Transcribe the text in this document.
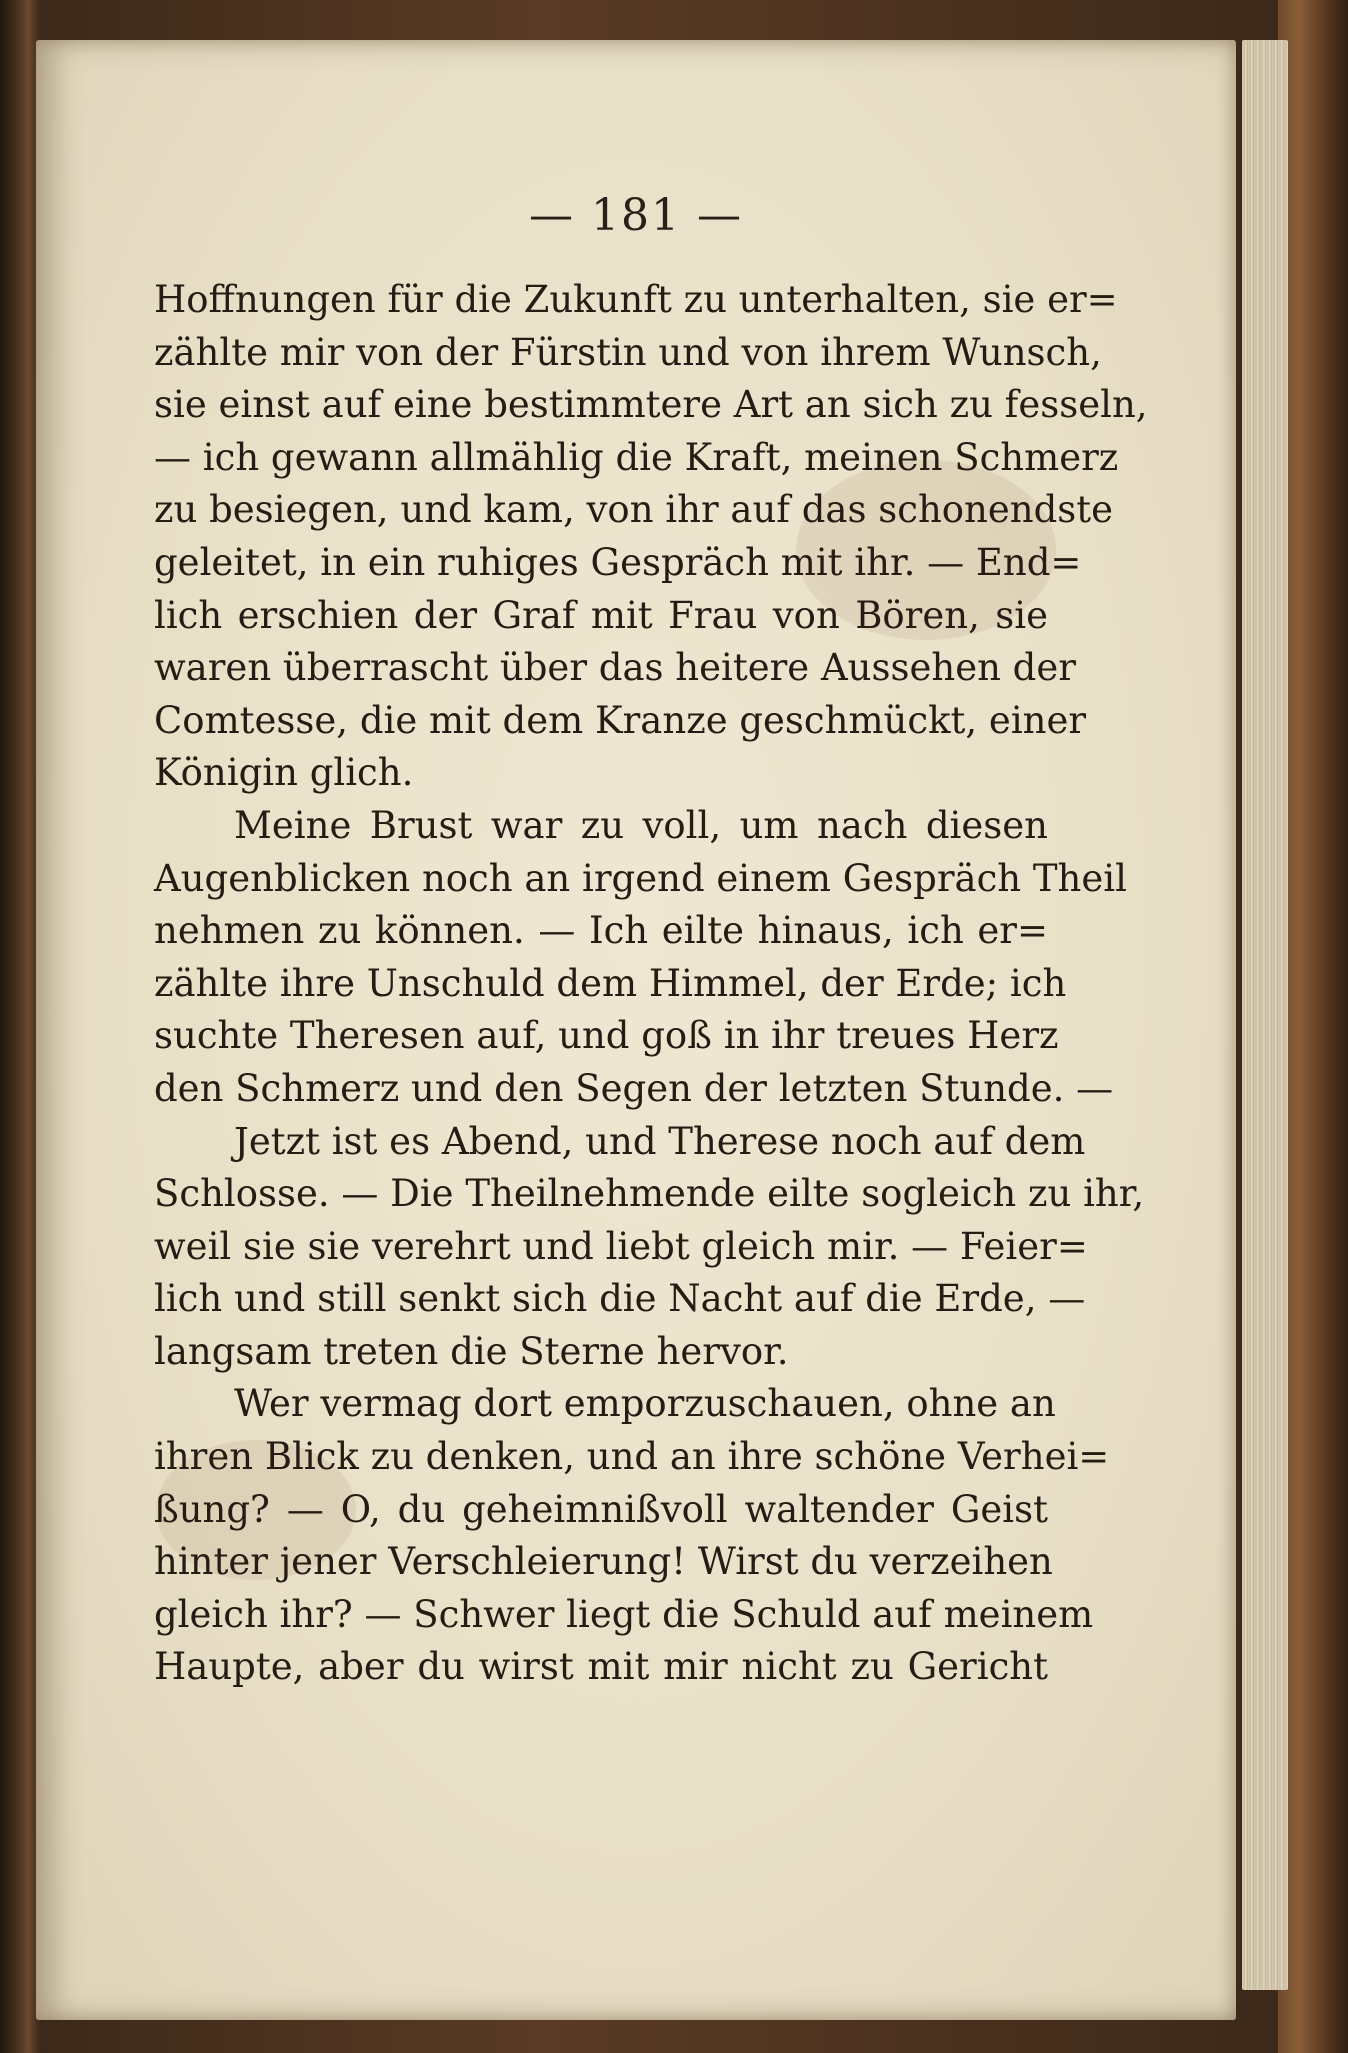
— 181 —
Hoffnungen für die Zukunft zu unterhalten, sie er=
zählte mir von der Fürstin und von ihrem Wunsch,
sie einst auf eine bestimmtere Art an sich zu fesseln,
— ich gewann allmählig die Kraft, meinen Schmerz
zu besiegen, und kam, von ihr auf das schonendste
geleitet, in ein ruhiges Gespräch mit ihr. — End=
lich erschien der Graf mit Frau von Bören, sie
waren überrascht über das heitere Aussehen der
Comtesse, die mit dem Kranze geschmückt, einer
Königin glich.
Meine Brust war zu voll, um nach diesen
Augenblicken noch an irgend einem Gespräch Theil
nehmen zu können. — Ich eilte hinaus, ich er=
zählte ihre Unschuld dem Himmel, der Erde; ich
suchte Theresen auf, und goß in ihr treues Herz
den Schmerz und den Segen der letzten Stunde. —
Jetzt ist es Abend, und Therese noch auf dem
Schlosse. — Die Theilnehmende eilte sogleich zu ihr,
weil sie sie verehrt und liebt gleich mir. — Feier=
lich und still senkt sich die Nacht auf die Erde, —
langsam treten die Sterne hervor.
Wer vermag dort emporzuschauen, ohne an
ihren Blick zu denken, und an ihre schöne Verhei=
ßung? — O, du geheimnißvoll waltender Geist
hinter jener Verschleierung! Wirst du verzeihen
gleich ihr? — Schwer liegt die Schuld auf meinem
Haupte, aber du wirst mit mir nicht zu Gericht
